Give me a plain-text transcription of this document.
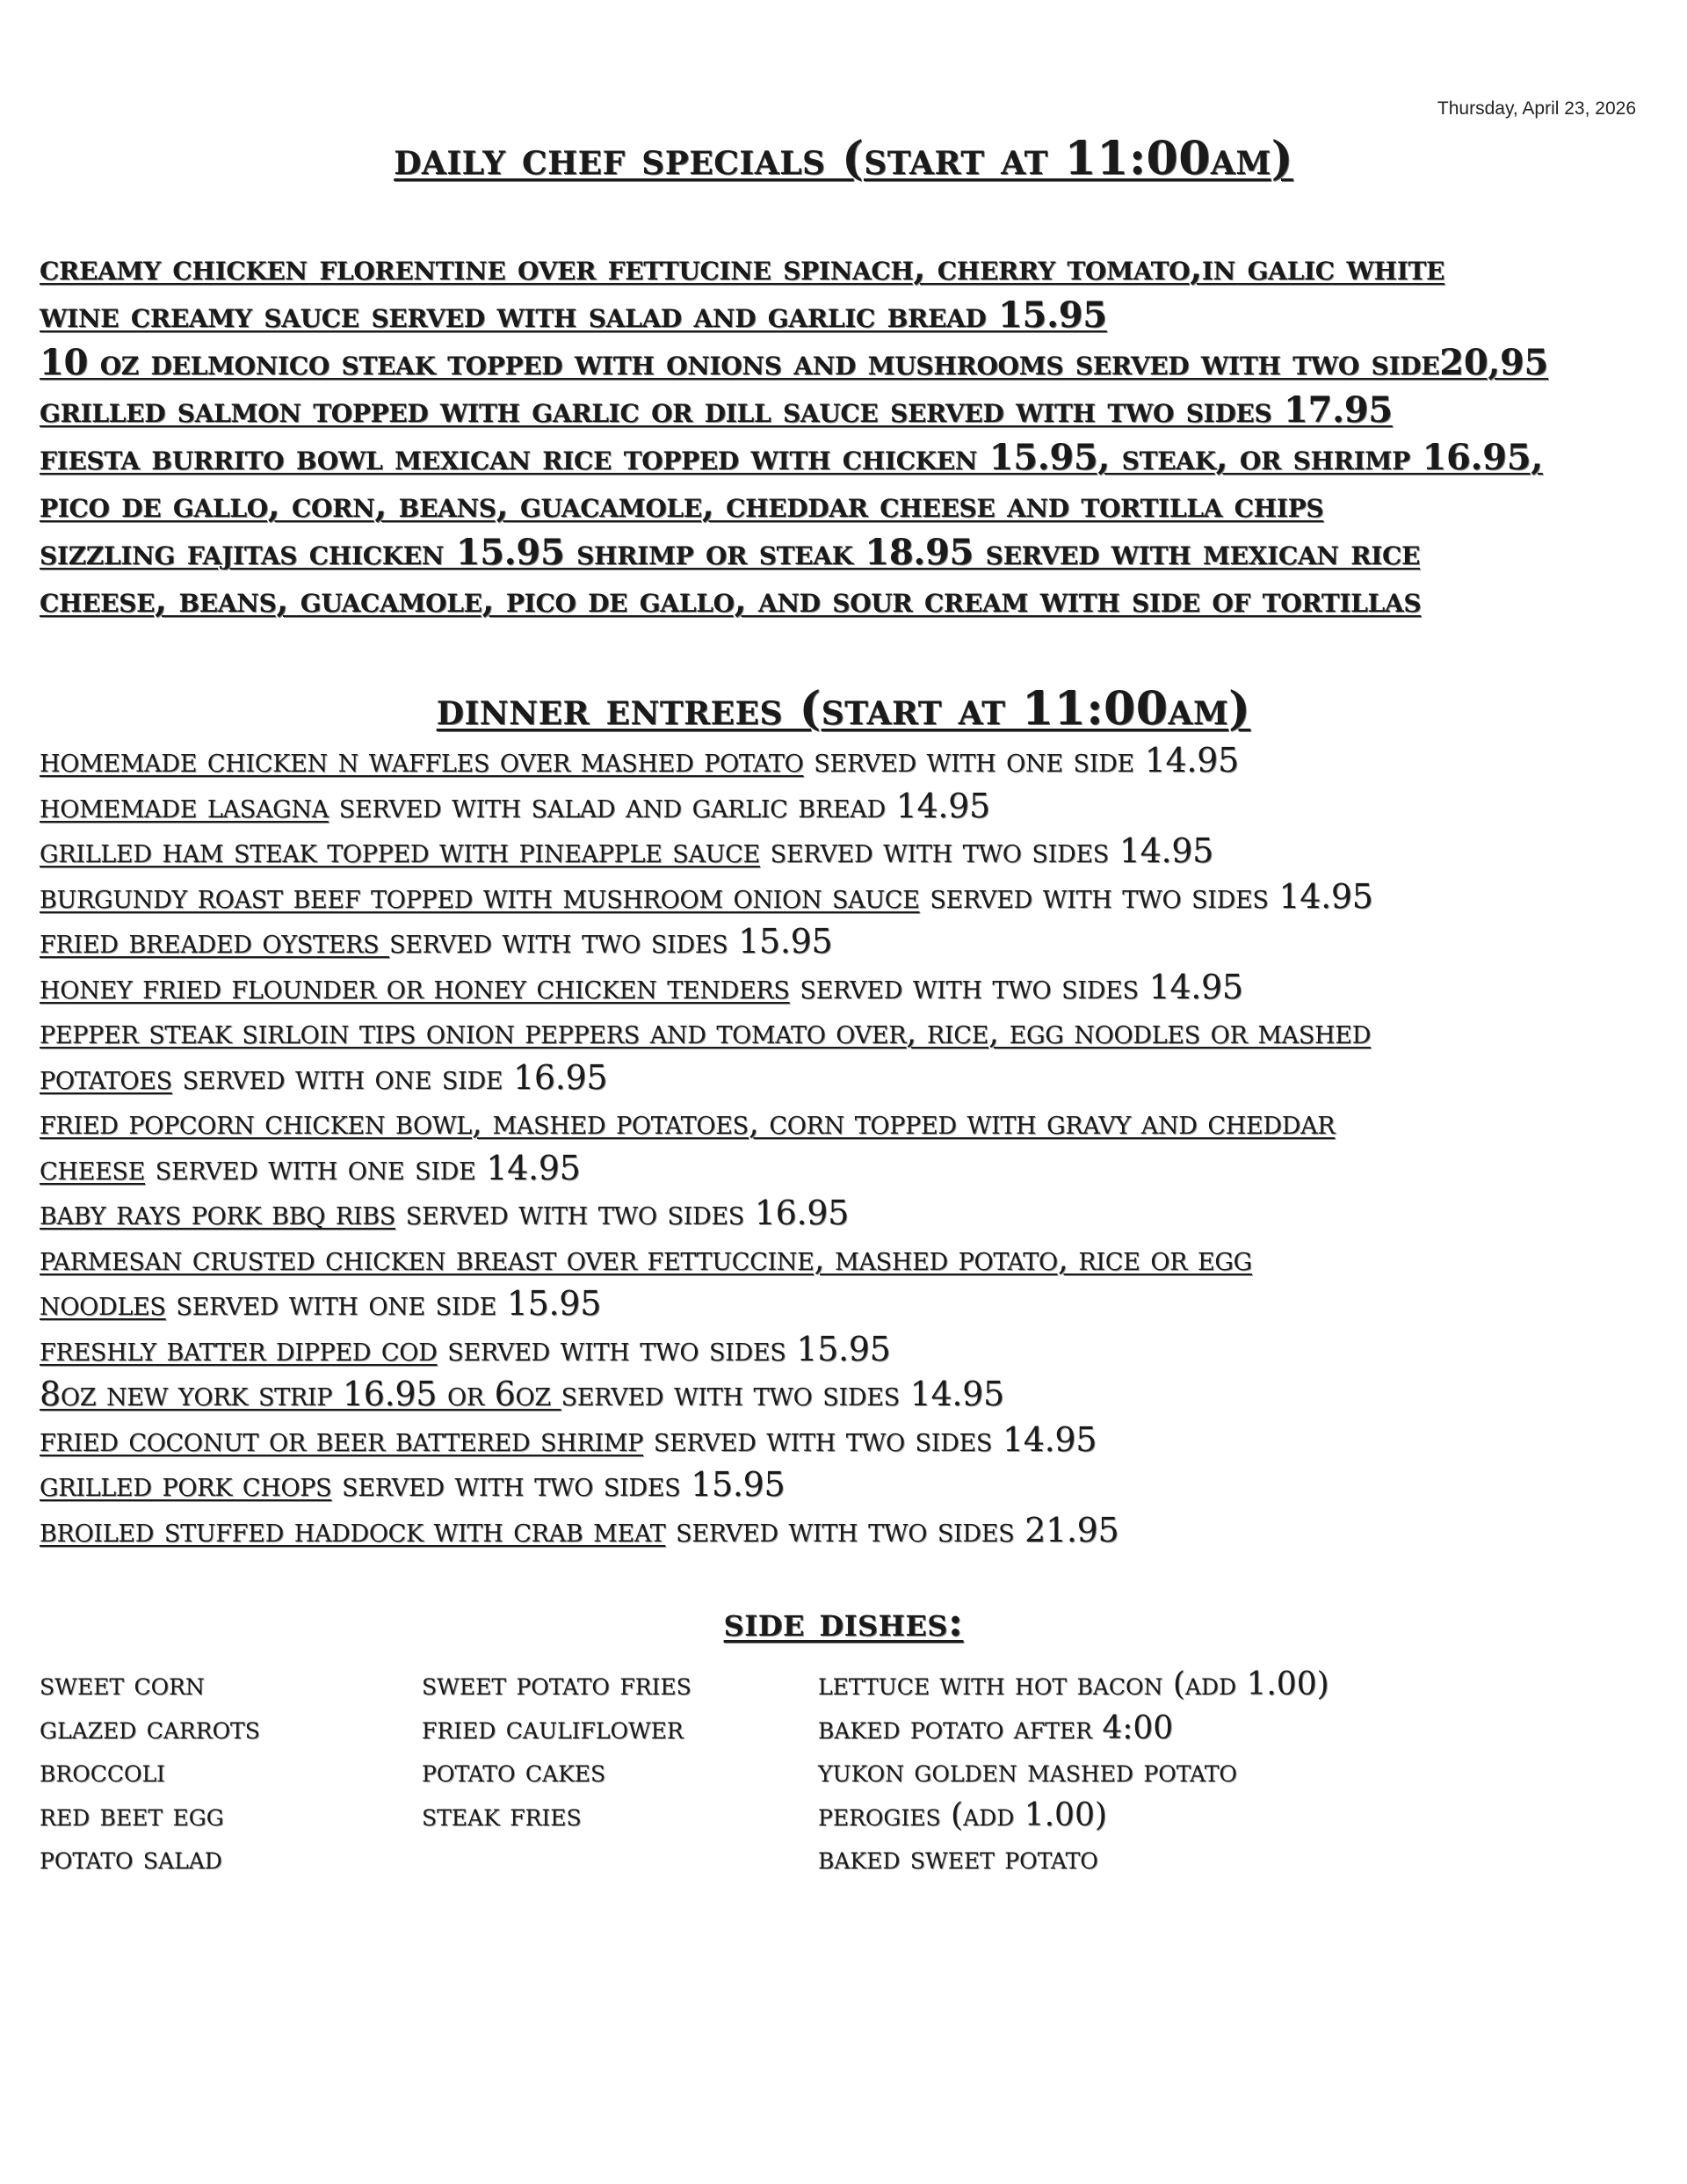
Thursday, April 23, 2026
daily chef specials (start at 11:00am)
creamy chicken florentine over fettucine spinach, cherry tomato,in galic white
wine creamy sauce served with salad and garlic bread 15.95
10 oz delmonico steak topped with onions and mushrooms served with two side20,95
grilled salmon topped with garlic or dill sauce served with two sides 17.95
fiesta burrito bowl mexican rice topped with chicken 15.95, steak, or shrimp 16.95,
pico de gallo, corn, beans, guacamole, cheddar cheese and tortilla chips
sizzling fajitas chicken 15.95 shrimp or steak 18.95 served with mexican rice
cheese, beans, guacamole, pico de gallo, and sour cream with side of tortillas
dinner entrees (start at 11:00am)
homemade chicken n waffles over mashed potato served with one side 14.95
homemade lasagna served with salad and garlic bread 14.95
grilled ham steak topped with pineapple sauce served with two sides 14.95
burgundy roast beef topped with mushroom onion sauce served with two sides 14.95
fried breaded oysters served with two sides 15.95
honey fried flounder or honey chicken tenders served with two sides 14.95
pepper steak sirloin tips onion peppers and tomato over, rice, egg noodles or mashed
potatoes served with one side 16.95
fried popcorn chicken bowl, mashed potatoes, corn topped with gravy and cheddar
cheese served with one side 14.95
baby rays pork bbq ribs served with two sides 16.95
parmesan crusted chicken breast over fettuccine, mashed potato, rice or egg
noodles served with one side 15.95
freshly batter dipped cod served with two sides 15.95
8oz new york strip 16.95 or 6oz served with two sides 14.95
fried coconut or beer battered shrimp served with two sides 14.95
grilled pork chops served with two sides 15.95
broiled stuffed haddock with crab meat served with two sides 21.95
side dishes:
sweet corn
glazed carrots
broccoli
red beet egg
potato salad
sweet potato fries
fried cauliflower
potato cakes
steak fries
lettuce with hot bacon (add 1.00)
baked potato after 4:00
yukon golden mashed potato
perogies (add 1.00)
baked sweet potato
